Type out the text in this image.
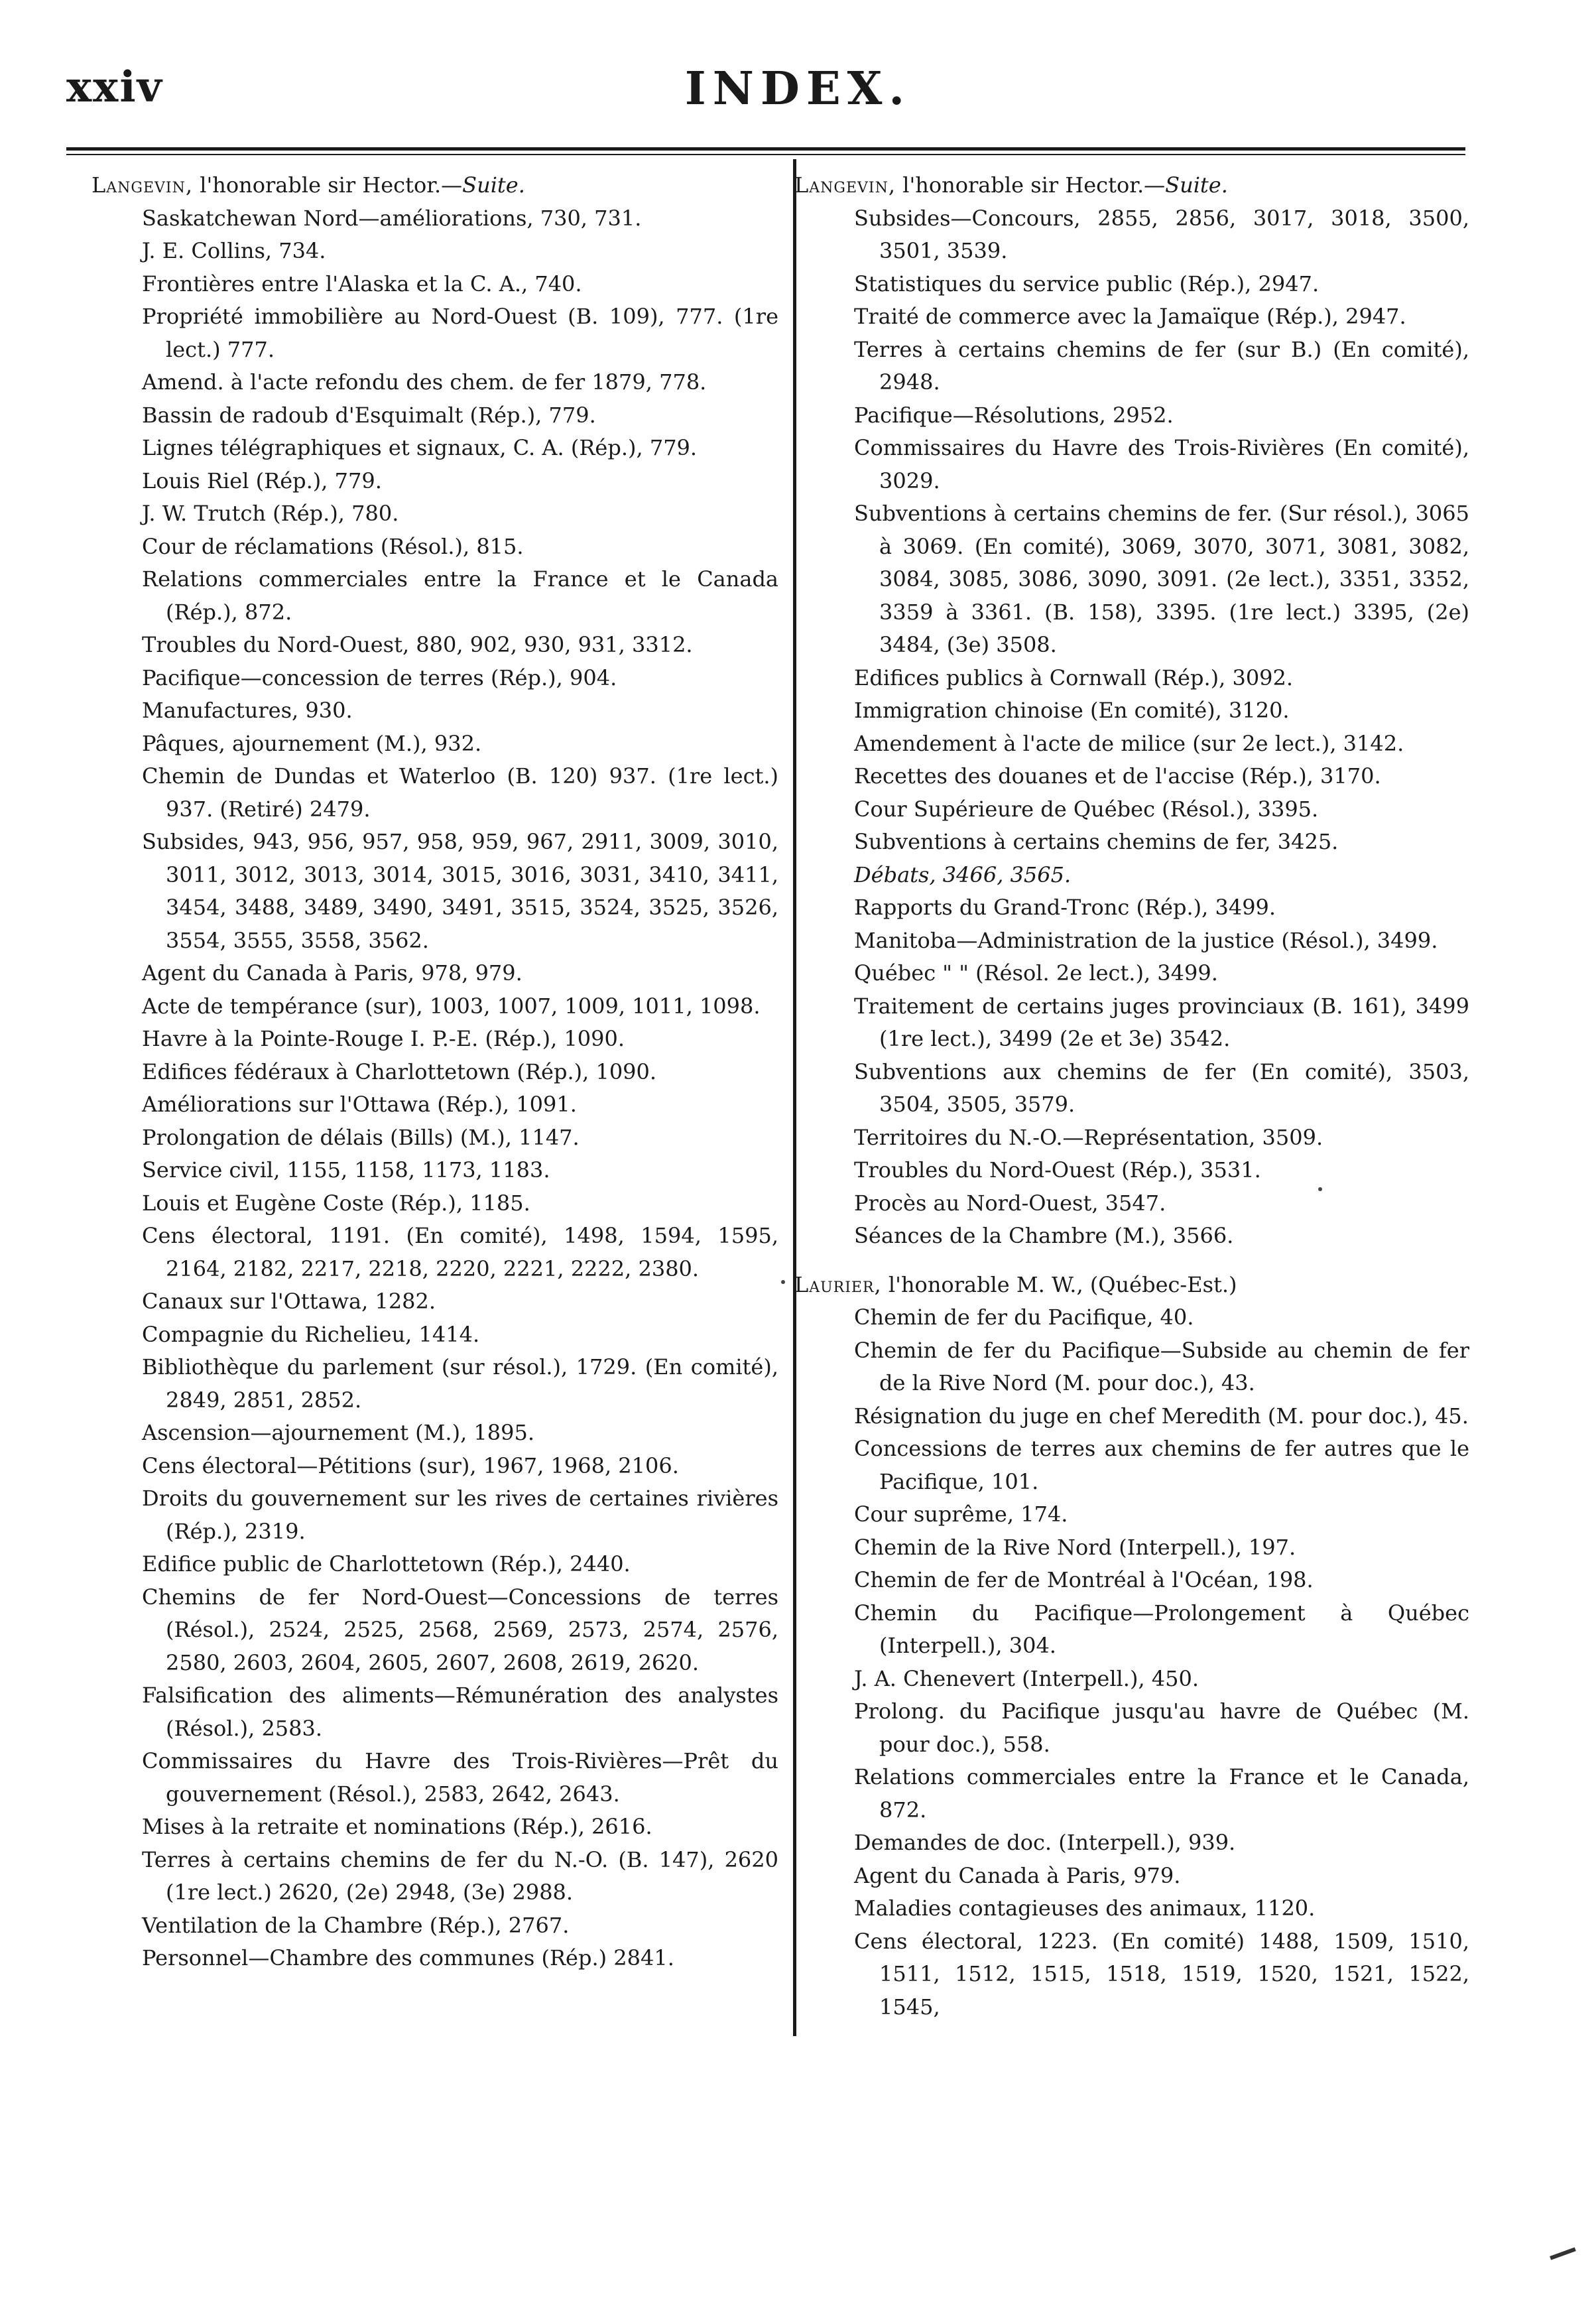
xxiv	INDEX.

Langevin, l'honorable sir Hector.—Suite.

Saskatchewan Nord—améliorations, 730, 731.

J. E. Collins, 734.

Frontières entre l'Alaska et la C. A., 740.

Propriété immobilière au Nord-Ouest (B. 109), 777. (1re lect.) 777.

Amend. à l'acte refondu des chem. de fer 1879, 778.

Bassin de radoub d'Esquimalt (Rép.), 779.

Lignes télégraphiques et signaux, C. A. (Rép.), 779.

Louis Riel (Rép.), 779.

J. W. Trutch (Rép.), 780.

Cour de réclamations (Résol.), 815.

Relations commerciales entre la France et le Canada (Rép.), 872.

Troubles du Nord-Ouest, 880, 902, 930, 931, 3312.

Pacifique—concession de terres (Rép.), 904.

Manufactures, 930.

Pâques, ajournement (M.), 932.

Chemin de Dundas et Waterloo (B. 120) 937. (1re lect.) 937. (Retiré) 2479.

Subsides, 943, 956, 957, 958, 959, 967, 2911, 3009, 3010, 3011, 3012, 3013, 3014, 3015, 3016, 3031, 3410, 3411, 3454, 3488, 3489, 3490, 3491, 3515, 3524, 3525, 3526, 3554, 3555, 3558, 3562.

Agent du Canada à Paris, 978, 979.

Acte de tempérance (sur), 1003, 1007, 1009, 1011, 1098.

Havre à la Pointe-Rouge I. P.-E. (Rép.), 1090.

Edifices fédéraux à Charlottetown (Rép.), 1090.

Améliorations sur l'Ottawa (Rép.), 1091.

Prolongation de délais (Bills) (M.), 1147.

Service civil, 1155, 1158, 1173, 1183.

Louis et Eugène Coste (Rép.), 1185.

Cens électoral, 1191. (En comité), 1498, 1594, 1595, 2164, 2182, 2217, 2218, 2220, 2221, 2222, 2380.

Canaux sur l'Ottawa, 1282.

Compagnie du Richelieu, 1414.

Bibliothèque du parlement (sur résol.), 1729. (En comité), 2849, 2851, 2852.

Ascension—ajournement (M.), 1895.

Cens électoral—Pétitions (sur), 1967, 1968, 2106.

Droits du gouvernement sur les rives de certaines rivières (Rép.), 2319.

Edifice public de Charlottetown (Rép.), 2440.

Chemins de fer Nord-Ouest—Concessions de terres (Résol.), 2524, 2525, 2568, 2569, 2573, 2574, 2576, 2580, 2603, 2604, 2605, 2607, 2608, 2619, 2620.

Falsification des aliments—Rémunération des analystes (Résol.), 2583.

Commissaires du Havre des Trois-Rivières—Prêt du gouvernement (Résol.), 2583, 2642, 2643.

Mises à la retraite et nominations (Rép.), 2616.

Terres à certains chemins de fer du N.-O. (B. 147), 2620 (1re lect.) 2620, (2e) 2948, (3e) 2988.

Ventilation de la Chambre (Rép.), 2767.

Personnel—Chambre des communes (Rép.) 2841.

Langevin, l'honorable sir Hector.—Suite.

Subsides—Concours, 2855, 2856, 3017, 3018, 3500, 3501, 3539.

Statistiques du service public (Rép.), 2947.

Traité de commerce avec la Jamaïque (Rép.), 2947.

Terres à certains chemins de fer (sur B.) (En comité), 2948.

Pacifique—Résolutions, 2952.

Commissaires du Havre des Trois-Rivières (En comité), 3029.

Subventions à certains chemins de fer. (Sur résol.), 3065 à 3069. (En comité), 3069, 3070, 3071, 3081, 3082, 3084, 3085, 3086, 3090, 3091. (2e lect.), 3351, 3352, 3359 à 3361. (B. 158), 3395. (1re lect.) 3395, (2e) 3484, (3e) 3508.

Edifices publics à Cornwall (Rép.), 3092.

Immigration chinoise (En comité), 3120.

Amendement à l'acte de milice (sur 2e lect.), 3142.

Recettes des douanes et de l'accise (Rép.), 3170.

Cour Supérieure de Québec (Résol.), 3395.

Subventions à certains chemins de fer, 3425.

Débats, 3466, 3565.

Rapports du Grand-Tronc (Rép.), 3499.

Manitoba—Administration de la justice (Résol.), 3499.

Québec " " (Résol. 2e lect.), 3499.

Traitement de certains juges provinciaux (B. 161), 3499 (1re lect.), 3499 (2e et 3e) 3542.

Subventions aux chemins de fer (En comité), 3503, 3504, 3505, 3579.

Territoires du N.-O.—Représentation, 3509.

Troubles du Nord-Ouest (Rép.), 3531.

Procès au Nord-Ouest, 3547.

Séances de la Chambre (M.), 3566.

Laurier, l'honorable M. W., (Québec-Est.)

Chemin de fer du Pacifique, 40.

Chemin de fer du Pacifique—Subside au chemin de fer de la Rive Nord (M. pour doc.), 43.

Résignation du juge en chef Meredith (M. pour doc.), 45.

Concessions de terres aux chemins de fer autres que le Pacifique, 101.

Cour suprême, 174.

Chemin de la Rive Nord (Interpell.), 197.

Chemin de fer de Montréal à l'Océan, 198.

Chemin du Pacifique—Prolongement à Québec (Interpell.), 304.

J. A. Chenevert (Interpell.), 450.

Prolong. du Pacifique jusqu'au havre de Québec (M. pour doc.), 558.

Relations commerciales entre la France et le Canada, 872.

Demandes de doc. (Interpell.), 939.

Agent du Canada à Paris, 979.

Maladies contagieuses des animaux, 1120.

Cens électoral, 1223. (En comité) 1488, 1509, 1510, 1511, 1512, 1515, 1518, 1519, 1520, 1521, 1522, 1545,
